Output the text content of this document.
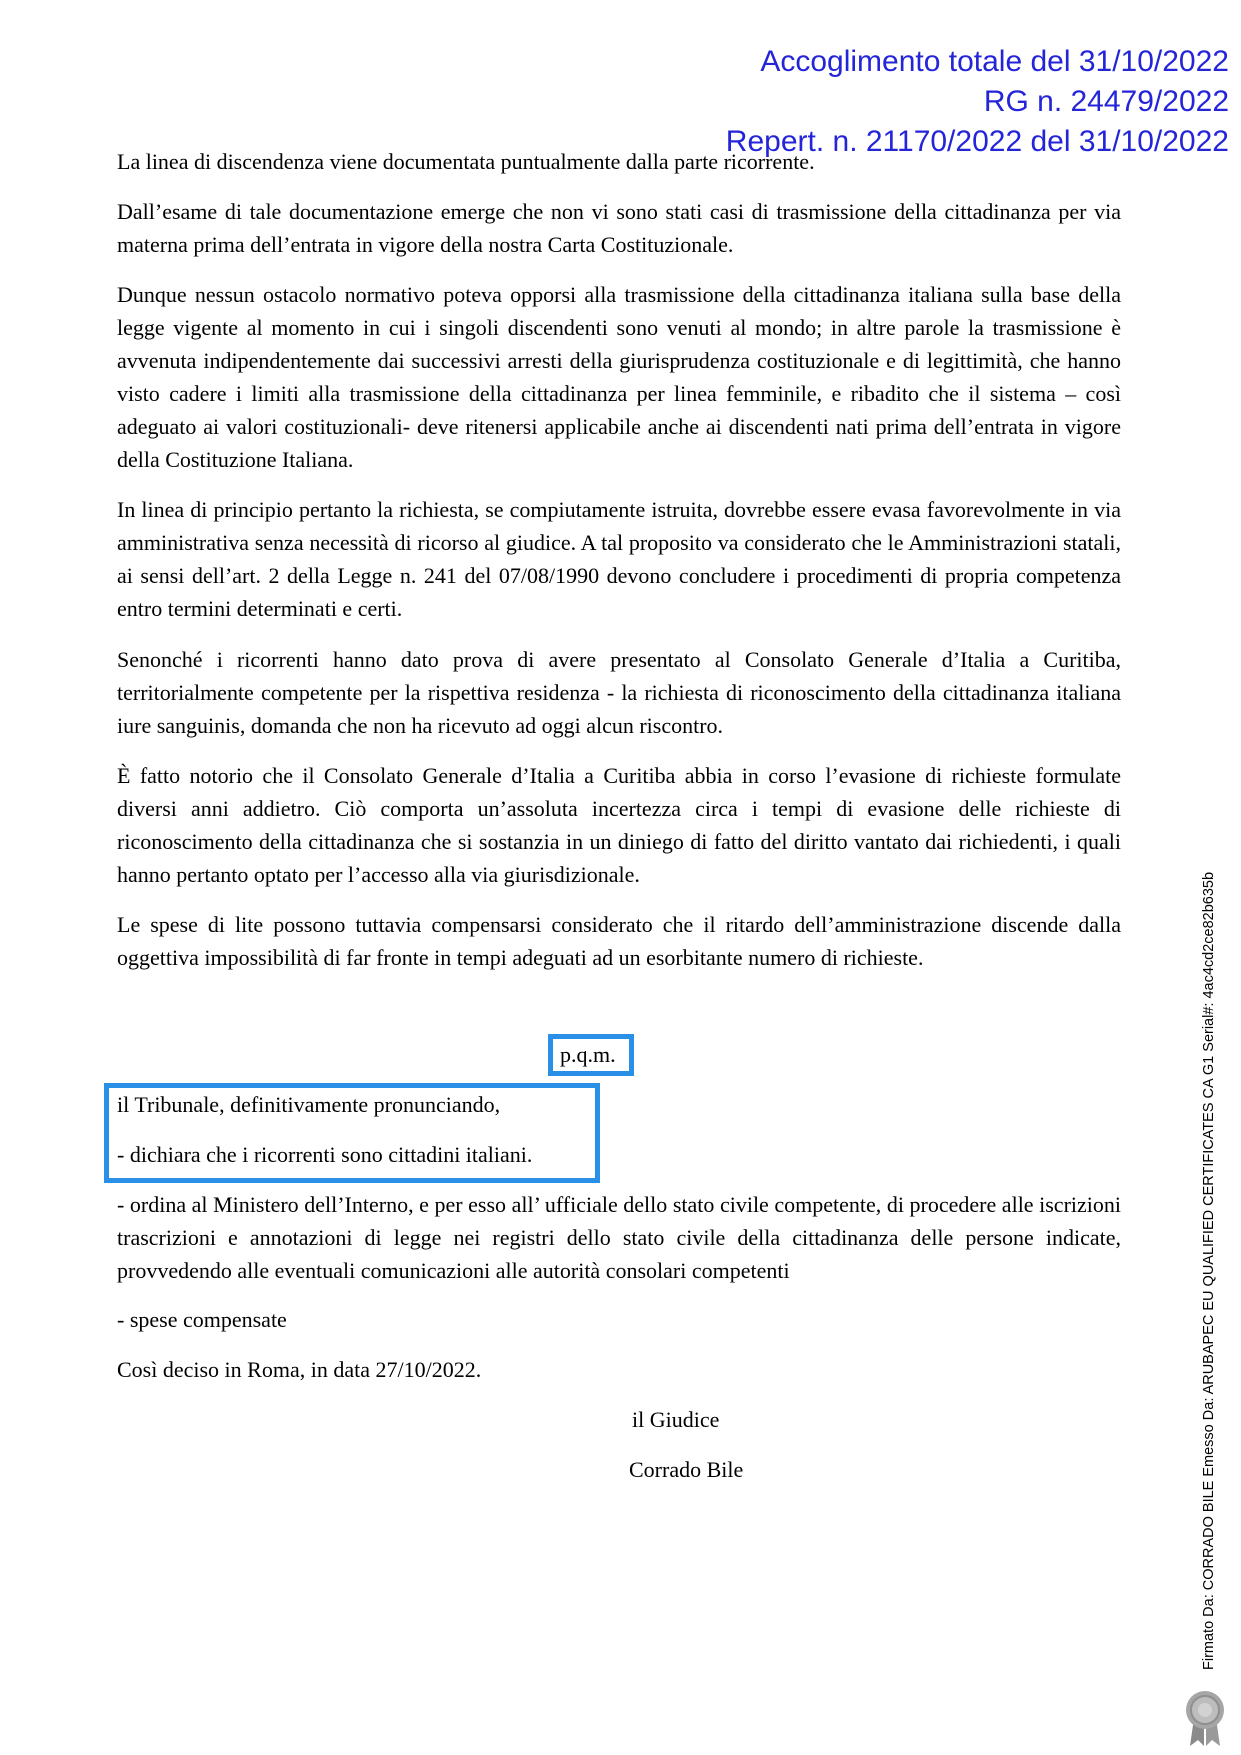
Accoglimento totale del 31/10/2022
RG n. 24479/2022
Repert. n. 21170/2022 del 31/10/2022

La linea di discendenza viene documentata puntualmente dalla parte ricorrente.

Dall’esame di tale documentazione emerge che non vi sono stati casi di trasmissione della cittadinanza per via materna prima dell’entrata in vigore della nostra Carta Costituzionale.

Dunque nessun ostacolo normativo poteva opporsi alla trasmissione della cittadinanza italiana sulla base della legge vigente al momento in cui i singoli discendenti sono venuti al mondo; in altre parole la trasmissione è avvenuta indipendentemente dai successivi arresti della giurisprudenza costituzionale e di legittimità, che hanno visto cadere i limiti alla trasmissione della cittadinanza per linea femminile, e ribadito che il sistema – così adeguato ai valori costituzionali- deve ritenersi applicabile anche ai discendenti nati prima dell’entrata in vigore della Costituzione Italiana.

In linea di principio pertanto la richiesta, se compiutamente istruita, dovrebbe essere evasa favorevolmente in via amministrativa senza necessità di ricorso al giudice. A tal proposito va considerato che le Amministrazioni statali, ai sensi dell’art. 2 della Legge n. 241 del 07/08/1990 devono concludere i procedimenti di propria competenza entro termini determinati e certi.

Senonché i ricorrenti hanno dato prova di avere presentato al Consolato Generale d’Italia a Curitiba, territorialmente competente per la rispettiva residenza - la richiesta di riconoscimento della cittadinanza italiana iure sanguinis, domanda che non ha ricevuto ad oggi alcun riscontro.

È fatto notorio che il Consolato Generale d’Italia a Curitiba abbia in corso l’evasione di richieste formulate diversi anni addietro. Ciò comporta un’assoluta incertezza circa i tempi di evasione delle richieste di riconoscimento della cittadinanza che si sostanzia in un diniego di fatto del diritto vantato dai richiedenti, i quali hanno pertanto optato per l’accesso alla via giurisdizionale.

Le spese di lite possono tuttavia compensarsi considerato che il ritardo dell’amministrazione discende dalla oggettiva impossibilità di far fronte in tempi adeguati ad un esorbitante numero di richieste.

p.q.m.

il Tribunale, definitivamente pronunciando,

- dichiara che i ricorrenti sono cittadini italiani.

- ordina al Ministero dell’Interno, e per esso all’ ufficiale dello stato civile competente, di procedere alle iscrizioni trascrizioni e annotazioni di legge nei registri dello stato civile della cittadinanza delle persone indicate, provvedendo alle eventuali comunicazioni alle autorità consolari competenti

- spese compensate

Così deciso in Roma, in data 27/10/2022.

il Giudice
Corrado Bile	Firmato Da: CORRADO BILE Emesso Da: ARUBAPEC EU QUALIFIED CERTIFICATES CA G1 Serial#: 4ac4cd2ce82b635b
